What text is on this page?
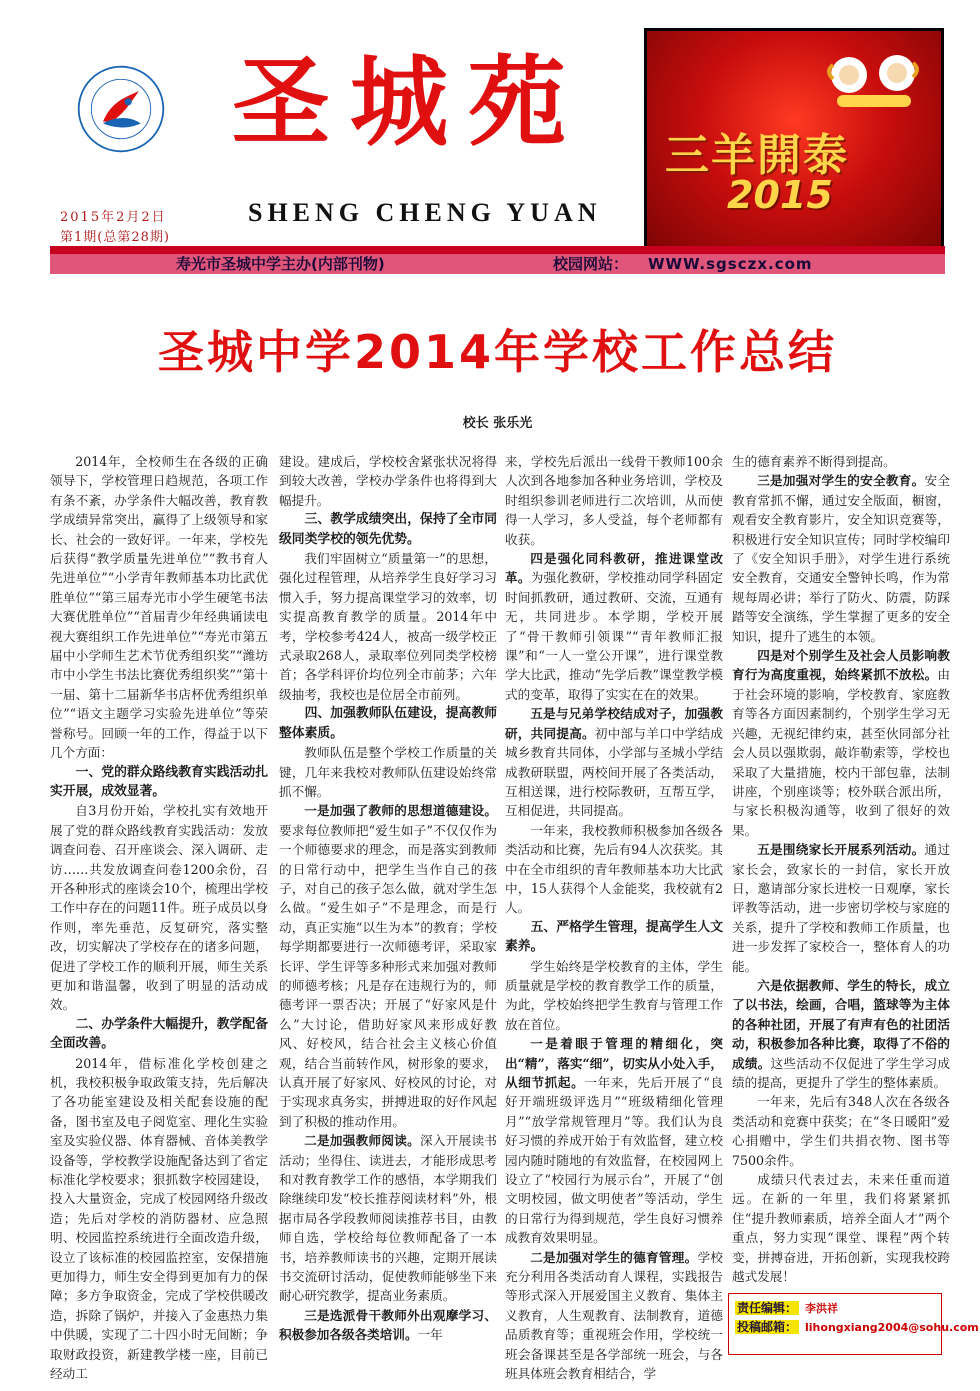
圣城苑
2015年2月2日
第1期(总第28期)
SHENG CHENG YUAN
三羊開泰
2015
寿光市圣城中学主办(内部刊物)	校园网站： WWW.sgsczx.com
圣城中学2014年学校工作总结
校长 张乐光

2014年，全校师生在各级的正确领导下，学校管理日趋规范，各项工作有条不紊，办学条件大幅改善，教育教学成绩异常突出，赢得了上级领导和家长、社会的一致好评。一年来，学校先后获得“教学质量先进单位”“教书育人先进单位”“小学青年教师基本功比武优胜单位”“第三届寿光市小学生硬笔书法大赛优胜单位”“首届青少年经典诵读电视大赛组织工作先进单位”“寿光市第五届中小学师生艺术节优秀组织奖”“潍坊市中小学生书法比赛优秀组织奖”“第十一届、第十二届新华书店杯优秀组织单位”“语文主题学习实验先进单位”等荣誉称号。回顾一年的工作，得益于以下几个方面：

一、党的群众路线教育实践活动扎实开展，成效显著。

自3月份开始，学校扎实有效地开展了党的群众路线教育实践活动：发放调查问卷、召开座谈会、深入调研、走访……共发放调查问卷1200余份，召开各种形式的座谈会10个，梳理出学校工作中存在的问题11件。班子成员以身作则，率先垂范，反复研究，落实整改，切实解决了学校存在的诸多问题，促进了学校工作的顺利开展，师生关系更加和谐温馨，收到了明显的活动成效。

二、办学条件大幅提升，教学配备全面改善。

2014年，借标准化学校创建之机，我校积极争取政策支持，先后解决了各功能室建设及相关配套设施的配备，图书室及电子阅览室、理化生实验室及实验仪器、体育器械、音体美教学设备等，学校教学设施配备达到了省定标准化学校要求；狠抓数字校园建设，投入大量资金，完成了校园网络升级改造；先后对学校的消防器材、应急照明、校园监控系统进行全面改造升级，设立了该标准的校园监控室，安保措施更加得力，师生安全得到更加有力的保障；多方争取资金，完成了学校供暖改造，拆除了锅炉，并接入了金惠热力集中供暖，实现了二十四小时无间断；争取财政投资，新建教学楼一座，目前已经动工

建设。建成后，学校校舍紧张状况将得到较大改善，学校办学条件也将得到大幅提升。

三、教学成绩突出，保持了全市同级同类学校的领先优势。

我们牢固树立“质量第一”的思想，强化过程管理，从培养学生良好学习习惯入手，努力提高课堂学习的效率，切实提高教育教学的质量。2014年中考，学校参考424人，被高一级学校正式录取268人，录取率位列同类学校榜首；各学科评价均位列全市前茅；六年级抽考，我校也是位居全市前列。

四、加强教师队伍建设，提高教师整体素质。

教师队伍是整个学校工作质量的关键，几年来我校对教师队伍建设始终常抓不懈。

一是加强了教师的思想道德建设。要求每位教师把“爱生如子”不仅仅作为一个师德要求的理念，而是落实到教师的日常行动中，把学生当作自己的孩子，对自己的孩子怎么做，就对学生怎么做。“爱生如子”不是理念，而是行动，真正实施“以生为本”的教育；学校每学期都要进行一次师德考评，采取家长评、学生评等多种形式来加强对教师的师德考核；凡是存在违规行为的，师德考评一票否决；开展了“好家风是什么”大讨论，借助好家风来形成好教风、好校风，结合社会主义核心价值观，结合当前转作风，树形象的要求，认真开展了好家风、好校风的讨论，对于实现求真务实，拼搏进取的好作风起到了积极的推动作用。

二是加强教师阅读。深入开展读书活动；坐得住、读进去，才能形成思考和对教育教学工作的感悟，本学期我们除继续印发“校长推荐阅读材料”外，根据市局各学段教师阅读推荐书目，由教师自选，学校给每位教师配备了一本书，培养教师读书的兴趣，定期开展读书交流研讨活动，促使教师能够坐下来耐心研究教学，提高业务素质。

三是选派骨干教师外出观摩学习、积极参加各级各类培训。一年

来，学校先后派出一线骨干教师100余人次到各地参加各种业务培训，学校及时组织参训老师进行二次培训，从而使得一人学习，多人受益，每个老师都有收获。

四是强化同科教研，推进课堂改革。为强化教研，学校推动同学科固定时间抓教研，通过教研、交流，互通有无，共同进步。本学期，学校开展了“骨干教师引领课”“青年教师汇报课”和“一人一堂公开课”，进行课堂教学大比武，推动“先学后教”课堂教学模式的变革，取得了实实在在的效果。

五是与兄弟学校结成对子，加强教研，共同提高。初中部与羊口中学结成城乡教育共同体，小学部与圣城小学结成教研联盟，两校间开展了各类活动，互相送课，进行校际教研，互帮互学，互相促进，共同提高。

一年来，我校教师积极参加各级各类活动和比赛，先后有94人次获奖。其中在全市组织的青年教师基本功大比武中，15人获得个人金能奖，我校就有2人。

五、严格学生管理，提高学生人文素养。

学生始终是学校教育的主体，学生质量就是学校的教育教学工作的质量，为此，学校始终把学生教育与管理工作放在首位。

一是着眼于管理的精细化，突出“精”，落实“细”，切实从小处入手，从细节抓起。一年来，先后开展了“良好开端班级评选月”“班级精细化管理月”“放学常规管理月”等。我们认为良好习惯的养成开始于有效监督，建立校园内随时随地的有效监督，在校园网上设立了“校园行为展示台”，开展了“创文明校园，做文明使者”等活动，学生的日常行为得到规范，学生良好习惯养成教育效果明显。

二是加强对学生的德育管理。学校充分利用各类活动育人课程，实践报告等形式深入开展爱国主义教育、集体主义教育，人生观教育、法制教育，道德品质教育等；重视班会作用，学校统一班会备课甚至是各学部统一班会，与各班具体班会教育相结合，学

生的德育素养不断得到提高。

三是加强对学生的安全教育。安全教育常抓不懈，通过安全版面，橱窗，观看安全教育影片，安全知识竞赛等，积极进行安全知识宣传；同时学校编印了《安全知识手册》，对学生进行系统安全教育，交通安全警钟长鸣，作为常规每周必讲；举行了防火、防震，防踩踏等安全演练，学生掌握了更多的安全知识，提升了逃生的本领。

四是对个别学生及社会人员影响教育行为高度重视，始终紧抓不放松。由于社会环境的影响，学校教育、家庭教育等各方面因素制约，个别学生学习无兴趣，无视纪律约束，甚至伙同部分社会人员以强欺弱，敲诈勒索等，学校也采取了大量措施，校内干部包靠，法制讲座，个别座谈等；校外联合派出所，与家长积极沟通等，收到了很好的效果。

五是围绕家长开展系列活动。通过家长会，致家长的一封信，家长开放日，邀请部分家长进校一日观摩，家长评教等活动，进一步密切学校与家庭的关系，提升了学校和教师工作质量，也进一步发挥了家校合一，整体育人的功能。

六是依据教师、学生的特长，成立了以书法，绘画，合唱，篮球等为主体的各种社团，开展了有声有色的社团活动，积极参加各种比赛，取得了不俗的成绩。这些活动不仅促进了学生学习成绩的提高，更提升了学生的整体素质。

一年来，先后有348人次在各级各类活动和竞赛中获奖；在“冬日暖阳”爱心捐赠中，学生们共捐衣物、图书等7500余件。

成绩只代表过去，未来任重而道远。在新的一年里，我们将紧紧抓住“提升教师素质，培养全面人才”两个重点，努力实现“课堂、课程”两个转变，拼搏奋进，开拓创新，实现我校跨越式发展！

责任编辑： 李洪祥
投稿邮箱： lihongxiang2004@sohu.com
